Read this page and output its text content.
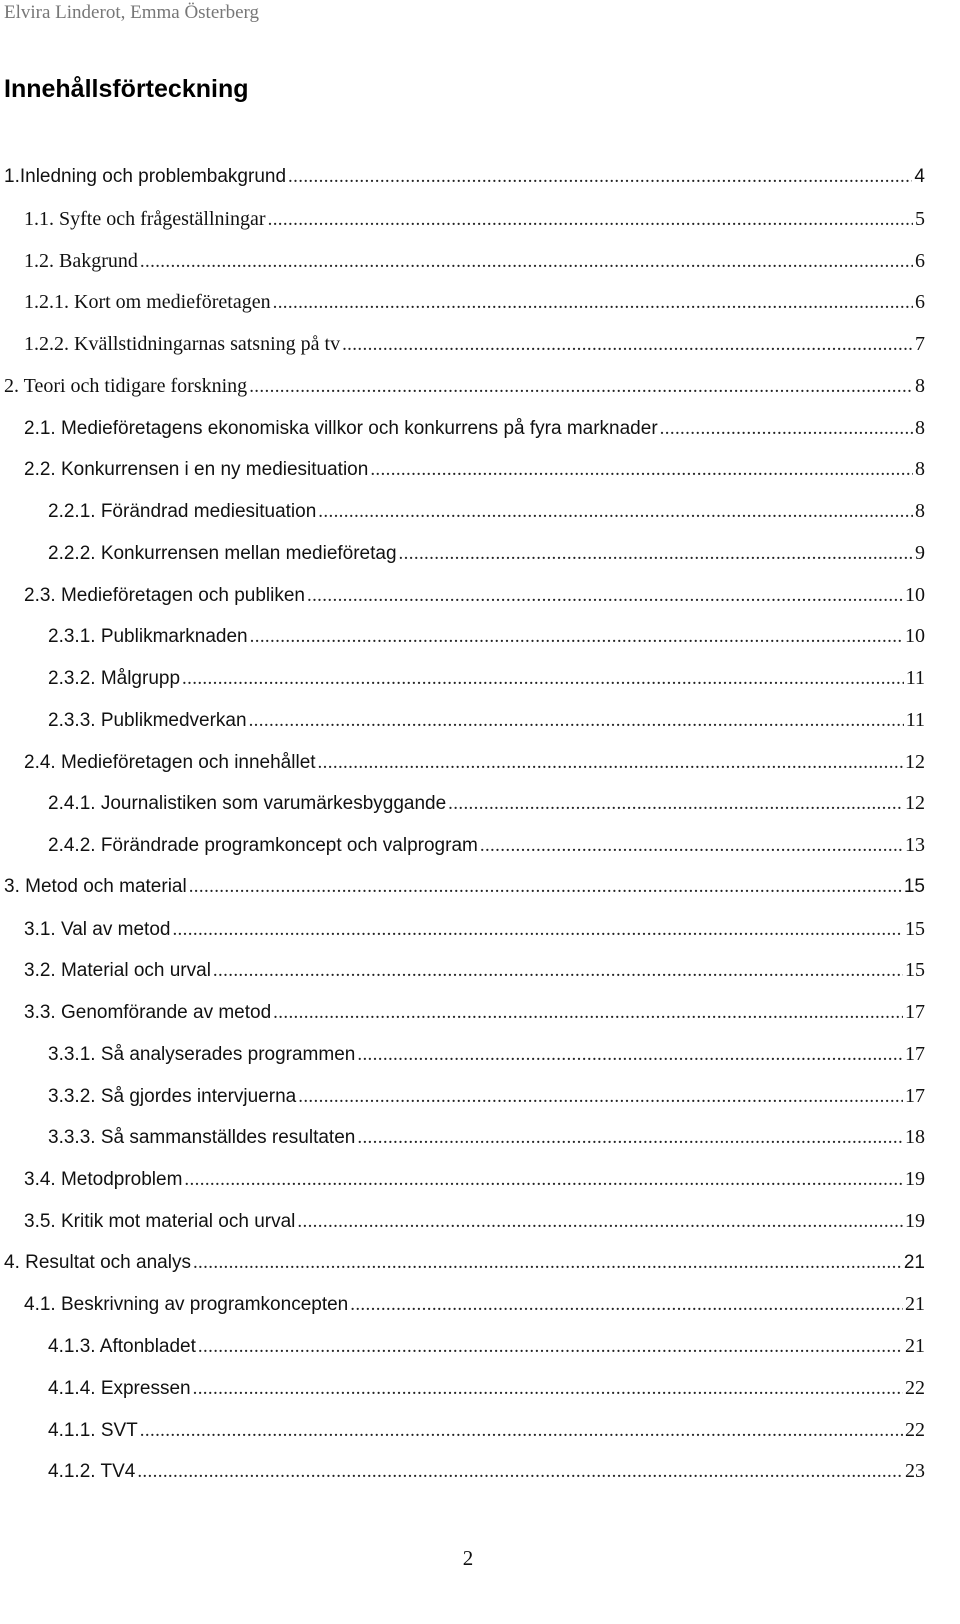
Elvira Linderot, Emma Österberg
Innehållsförteckning
1.Inledning och problembakgrund . . .	4
1.1. Syfte och frågeställningar . . .	5
1.2. Bakgrund . . .	6
1.2.1. Kort om medieföretagen . . .	6
1.2.2. Kvällstidningarnas satsning på tv . . .	7
2. Teori och tidigare forskning . . .	8
2.1. Medieföretagens ekonomiska villkor och konkurrens på fyra marknader . . .	8
2.2. Konkurrensen i en ny mediesituation . . .	8
2.2.1. Förändrad mediesituation . . .	8
2.2.2. Konkurrensen mellan medieföretag . . .	9
2.3. Medieföretagen och publiken . . .	10
2.3.1. Publikmarknaden . . .	10
2.3.2. Målgrupp . . .	11
2.3.3. Publikmedverkan . . .	11
2.4. Medieföretagen och innehållet . . .	12
2.4.1. Journalistiken som varumärkesbyggande . . .	12
2.4.2. Förändrade programkoncept och valprogram . . .	13
3. Metod och material . . .	15
3.1. Val av metod . . .	15
3.2. Material och urval . . .	15
3.3. Genomförande av metod . . .	17
3.3.1. Så analyserades programmen . . .	17
3.3.2. Så gjordes intervjuerna . . .	17
3.3.3. Så sammanställdes resultaten . . .	18
3.4. Metodproblem . . .	19
3.5. Kritik mot material och urval . . .	19
4. Resultat och analys . . .	21
4.1. Beskrivning av programkoncepten . . .	21
4.1.3. Aftonbladet . . .	21
4.1.4. Expressen . . .	22
4.1.1. SVT . . .	22
4.1.2. TV4 . . .	23
2
